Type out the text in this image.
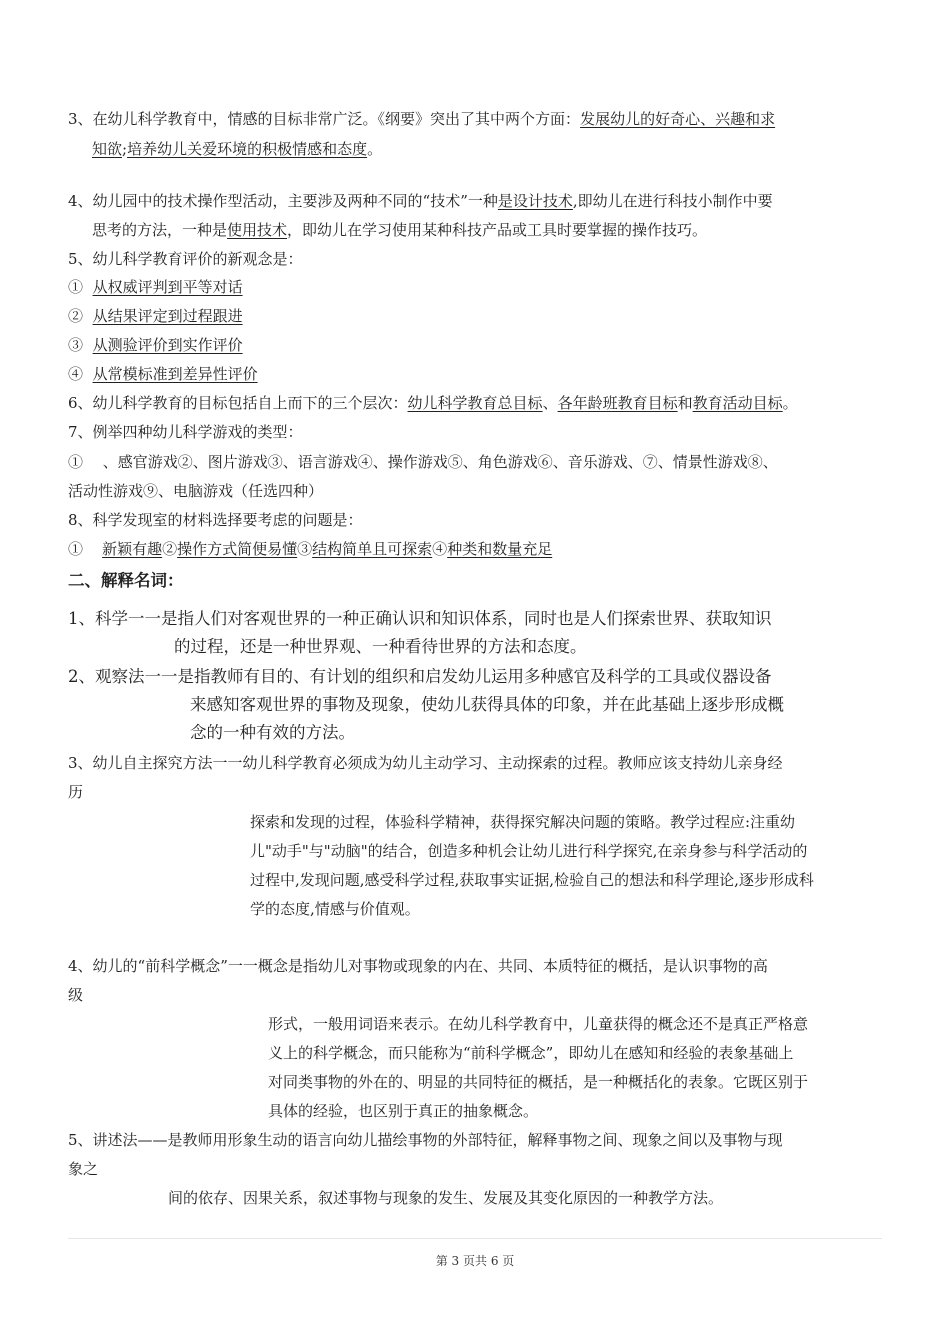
3、在幼儿科学教育中，情感的目标非常广泛。《纲要》突出了其中两个方面：发展幼儿的好奇心、兴趣和求
知欲;培养幼儿关爱环境的积极情感和态度。
4、幼儿园中的技术操作型活动，主要涉及两种不同的“技术”一种是设计技术,即幼儿在进行科技小制作中要
思考的方法，一种是使用技术，即幼儿在学习使用某种科技产品或工具时要掌握的操作技巧。
5、幼儿科学教育评价的新观念是：
① 从权威评判到平等对话
② 从结果评定到过程跟进
③ 从测验评价到实作评价
④ 从常模标准到差异性评价
6、幼儿科学教育的目标包括自上而下的三个层次：幼儿科学教育总目标、各年龄班教育目标和教育活动目标。
7、例举四种幼儿科学游戏的类型：
①　 、感官游戏②、图片游戏③、语言游戏④、操作游戏⑤、角色游戏⑥、音乐游戏、⑦、情景性游戏⑧、
活动性游戏⑨、电脑游戏（任选四种）
8、科学发现室的材料选择要考虑的问题是：
① 新颖有趣②操作方式简便易懂③结构简单且可探索④种类和数量充足
二、解释名词：
1、科学一一是指人们对客观世界的一种正确认识和知识体系，同时也是人们探索世界、获取知识
的过程，还是一种世界观、一种看待世界的方法和态度。
2、观察法一一是指教师有目的、有计划的组织和启发幼儿运用多种感官及科学的工具或仪器设备
来感知客观世界的事物及现象，使幼儿获得具体的印象，并在此基础上逐步形成概
念的一种有效的方法。
3、幼儿自主探究方法一一幼儿科学教育必须成为幼儿主动学习、主动探索的过程。教师应该支持幼儿亲身经
历
探索和发现的过程，体验科学精神，获得探究解决问题的策略。教学过程应:注重幼
儿"动手"与"动脑"的结合，创造多种机会让幼儿进行科学探究,在亲身参与科学活动的
过程中,发现问题,感受科学过程,获取事实证据,检验自己的想法和科学理论,逐步形成科
学的态度,情感与价值观。
4、幼儿的“前科学概念”一一概念是指幼儿对事物或现象的内在、共同、本质特征的概括，是认识事物的高
级
形式，一般用词语来表示。在幼儿科学教育中，儿童获得的概念还不是真正严格意
义上的科学概念，而只能称为“前科学概念”，即幼儿在感知和经验的表象基础上
对同类事物的外在的、明显的共同特征的概括，是一种概括化的表象。它既区别于
具体的经验，也区别于真正的抽象概念。
5、讲述法——是教师用形象生动的语言向幼儿描绘事物的外部特征，解释事物之间、现象之间以及事物与现
象之
间的依存、因果关系，叙述事物与现象的发生、发展及其变化原因的一种教学方法。
第 3 页共 6 页
